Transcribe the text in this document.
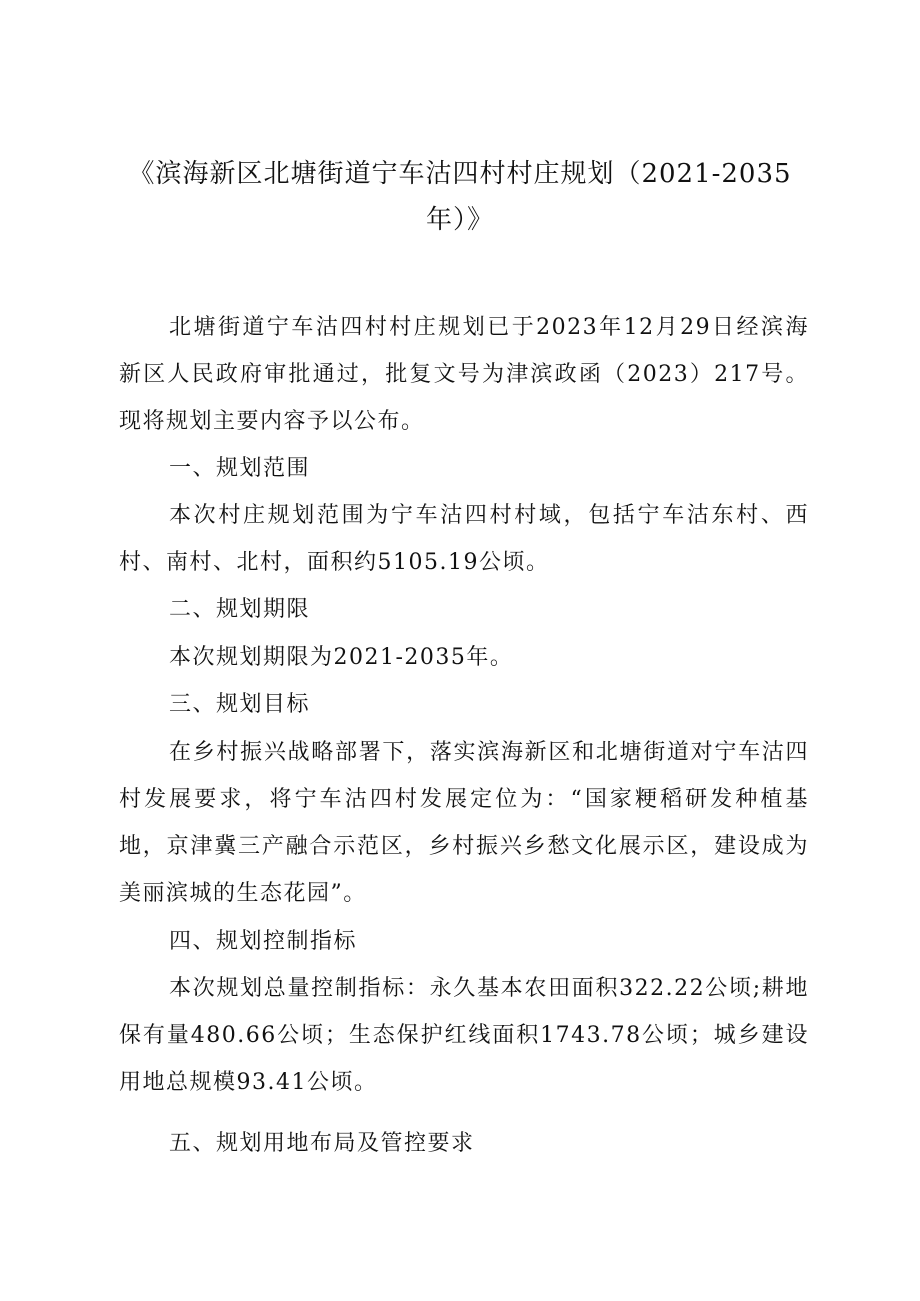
《滨海新区北塘街道宁车沽四村村庄规划（2021-2035年）》

北塘街道宁车沽四村村庄规划已于2023年12月29日经滨海新区人民政府审批通过，批复文号为津滨政函（2023）217号。现将规划主要内容予以公布。

一、规划范围

本次村庄规划范围为宁车沽四村村域，包括宁车沽东村、西村、南村、北村，面积约5105.19公顷。

二、规划期限

本次规划期限为2021-2035年。

三、规划目标

在乡村振兴战略部署下，落实滨海新区和北塘街道对宁车沽四村发展要求，将宁车沽四村发展定位为：“国家粳稻研发种植基地，京津冀三产融合示范区，乡村振兴乡愁文化展示区，建设成为美丽滨城的生态花园”。

四、规划控制指标

本次规划总量控制指标：永久基本农田面积322.22公顷;耕地保有量480.66公顷；生态保护红线面积1743.78公顷；城乡建设用地总规模93.41公顷。

五、规划用地布局及管控要求
